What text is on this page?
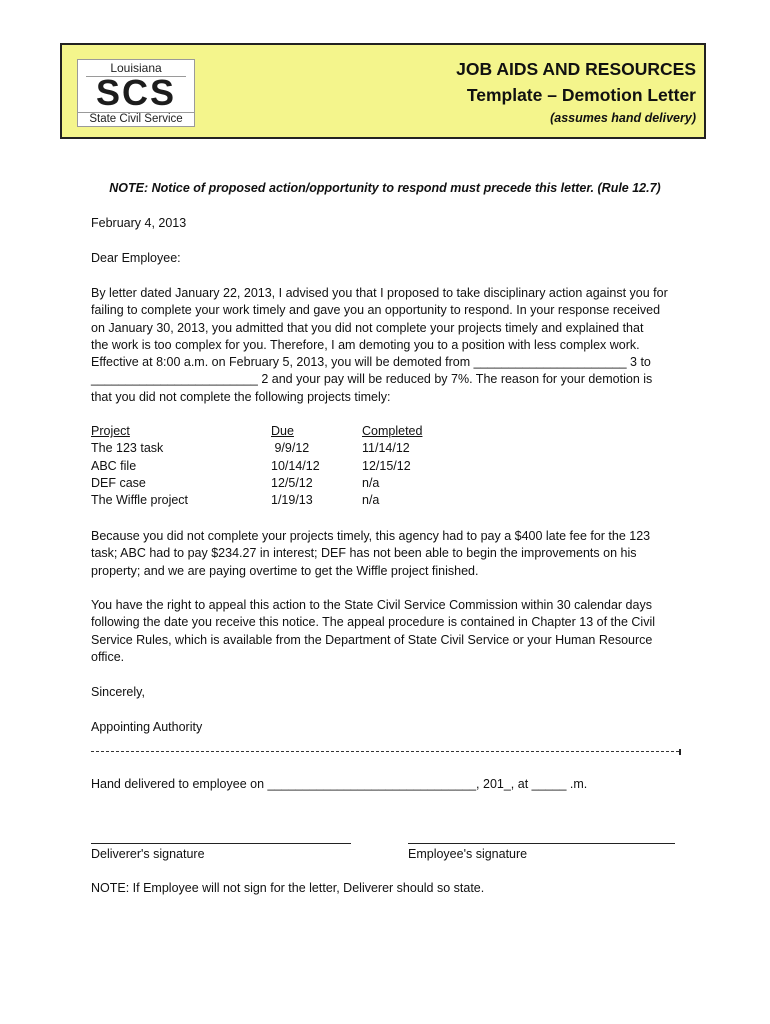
Louisiana
SCS
State Civil Service
JOB AIDS AND RESOURCES
Template – Demotion Letter
(assumes hand delivery)
NOTE: Notice of proposed action/opportunity to respond must precede this letter. (Rule 12.7)
February 4, 2013
Dear Employee:
By letter dated January 22, 2013, I advised you that I proposed to take disciplinary action against you for
failing to complete your work timely and gave you an opportunity to respond. In your response received
on January 30, 2013, you admitted that you did not complete your projects timely and explained that
the work is too complex for you. Therefore, I am demoting you to a position with less complex work.
Effective at 8:00 a.m. on February 5, 2013, you will be demoted from ______________________ 3 to
________________________ 2 and your pay will be reduced by 7%. The reason for your demotion is
that you did not complete the following projects timely:
Project	Due	Completed
The 123 task	9/9/12	11/14/12
ABC file	10/14/12	12/15/12
DEF case	12/5/12	n/a
The Wiffle project	1/19/13	n/a
Because you did not complete your projects timely, this agency had to pay a $400 late fee for the 123
task; ABC had to pay $234.27 in interest; DEF has not been able to begin the improvements on his
property; and we are paying overtime to get the Wiffle project finished.
You have the right to appeal this action to the State Civil Service Commission within 30 calendar days
following the date you receive this notice. The appeal procedure is contained in Chapter 13 of the Civil
Service Rules, which is available from the Department of State Civil Service or your Human Resource
office.
Sincerely,
Appointing Authority
Hand delivered to employee on ______________________________, 201_, at _____ .m.
Deliverer's signature	Employee's signature
NOTE: If Employee will not sign for the letter, Deliverer should so state.
